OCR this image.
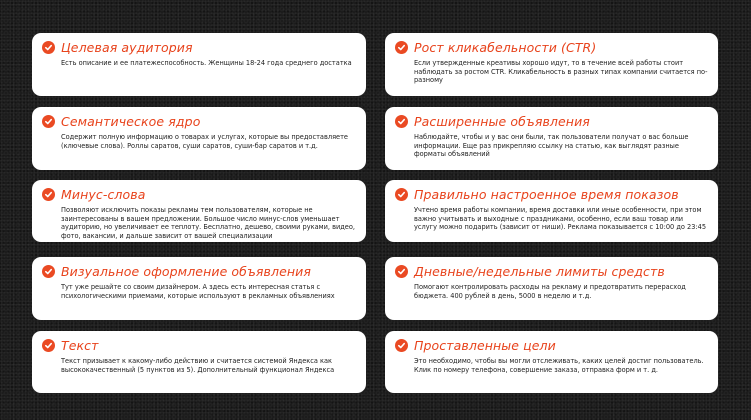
Целевая аудитория
Есть описание и ее платежеспособность. Женщины 18-24 года среднего достатка
Семантическое ядро
Содержит полную информацию о товарах и услугах, которые вы предоставляете (ключевые слова). Роллы саратов, суши саратов, суши-бар саратов и т.д.
Минус-слова
Позволяют исключить показы рекламы тем пользователям, которые не заинтересованы в вашем предложении. Большое число минус-слов уменьшает аудиторию, но увеличивает ее теплоту. Бесплатно, дешево, своими руками, видео, фото, вакансии, и дальше зависит от вашей специализации
Визуальное оформление объявления
Тут уже решайте со своим дизайнером. А здесь есть интересная статья с психологическими приемами, которые используют в рекламных объявлениях
Текст
Текст призывает к какому-либо действию и считается системой Яндекса как высококачественный (5 пунктов из 5). Дополнительный функционал Яндекса
Рост кликабельности (CTR)
Если утвержденные креативы хорошо идут, то в течение всей работы стоит наблюдать за ростом CTR. Кликабельность в разных типах компании считается по-разному
Расширенные объявления
Наблюдайте, чтобы и у вас они были, так пользователи получат о вас больше информации. Еще раз прикрепляю ссылку на статью, как выглядят разные форматы объявлений
Правильно настроенное время показов
Учтено время работы компании, время доставки или иные особенности, при этом важно учитывать и выходные с праздниками, особенно, если ваш товар или услугу можно подарить (зависит от ниши). Реклама показывается с 10:00 до 23:45
Дневные/недельные лимиты средств
Помогают контролировать расходы на рекламу и предотвратить перерасход бюджета. 400 рублей в день, 5000 в неделю и т.д.
Проставленные цели
Это необходимо, чтобы вы могли отслеживать, каких целей достиг пользователь. Клик по номеру телефона, совершение заказа, отправка форм и т. д.
